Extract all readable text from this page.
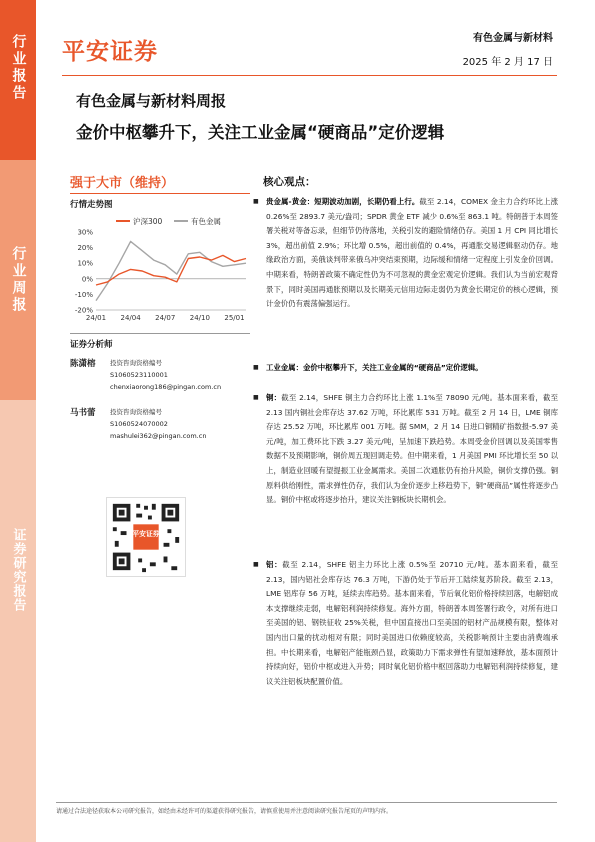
行业报告
行业周报
证券研究报告
平安证券
有色金属与新材料
2025 年 2 月 17 日
有色金属与新材料周报
金价中枢攀升下，关注工业金属“硬商品”定价逻辑
强于大市（维持）
行情走势图
沪深300	有色金属
30%
20%
10%
0%
-10%
-20%
24/01 24/04 24/07 24/10 25/01
证券分析师
陈潇榕	投资咨询资格编号
S1060523110001
chenxiaorong186@pingan.com.cn
马书蕾	投资咨询资格编号
S1060524070002
mashulei362@pingan.com.cn
平安证券
核心观点：
■ 贵金属-黄金：短期波动加剧，长期仍看上行。截至 2.14，COMEX 金主力合约环比上涨 0.26%至 2893.7 美元/盎司；SPDR 黄金 ETF 减少 0.6%至 863.1 吨。特朗普于本周签署关税对等备忘录，但细节仍待落地，关税引发的避险情绪仍存。美国 1 月 CPI 同比增长 3%，超出前值 2.9%；环比增 0.5%，超出前值的 0.4%，再通胀交易逻辑驱动仍存。地缘政治方面，美俄谈判带来俄乌冲突结束预期，边际缓和情绪一定程度上引发金价回调。中期来看，特朗普政策不确定性仍为不可忽视的黄金宏观定价逻辑。我们认为当前宏观背景下，同时美国再通胀预期以及长期美元信用边际走弱仍为黄金长期定价的核心逻辑，预计金价仍有震荡偏强运行。
■ 工业金属：金价中枢攀升下，关注工业金属的“硬商品”定价逻辑。
■ 铜：截至 2.14，SHFE 铜主力合约环比上涨 1.1%至 78090 元/吨。基本面来看，截至 2.13 国内铜社会库存达 37.62 万吨，环比累库 531 万吨。截至 2 月 14 日，LME 铜库存达 25.52 万吨，环比累库 001 万吨。据 SMM，2 月 14 日进口铜精矿指数报-5.97 美元/吨，加工费环比下跌 3.27 美元/吨，呈加速下跌趋势。本周受金价回调以及美国零售数据不及预期影响，铜价周五现回调走势。但中期来看，1 月美国 PMI 环比增长至 50 以上，制造业回暖有望提振工业金属需求。美国二次通胀仍有抬升风险，铜价支撑仍强。铜原料供给刚性，需求弹性仍存，我们认为金价逐步上移趋势下，铜“硬商品”属性将逐步凸显。铜价中枢或将逐步抬升，建议关注铜板块长期机会。
■ 铝：截至 2.14，SHFE 铝主力环比上涨 0.5%至 20710 元/吨。基本面来看，截至 2.13，国内铝社会库存达 76.3 万吨，下游仍处于节后开工陆续复苏阶段。截至 2.13，LME 铝库存 56 万吨，延续去库趋势。基本面来看，节后氧化铝价格持续回落，电解铝成本支撑继续走弱，电解铝利润持续修复。海外方面，特朗普本周签署行政令，对所有进口至美国的铝、钢铁征收 25%关税，但中国直接出口至美国的铝材产品规模有限，整体对国内出口量的扰动相对有限；同时美国进口依赖度较高，关税影响预计主要由消费端承担。中长期来看，电解铝产能瓶颈凸显，政策助力下需求弹性有望加速释放，基本面预计持续向好，铝价中枢或进入升势；同时氧化铝价格中枢回落助力电解铝利润持续修复，建议关注铝板块配置价值。
请通过合法途径获取本公司研究报告，如经由未经许可的渠道获得研究报告，请慎重使用并注意阅读研究报告尾页的声明内容。
